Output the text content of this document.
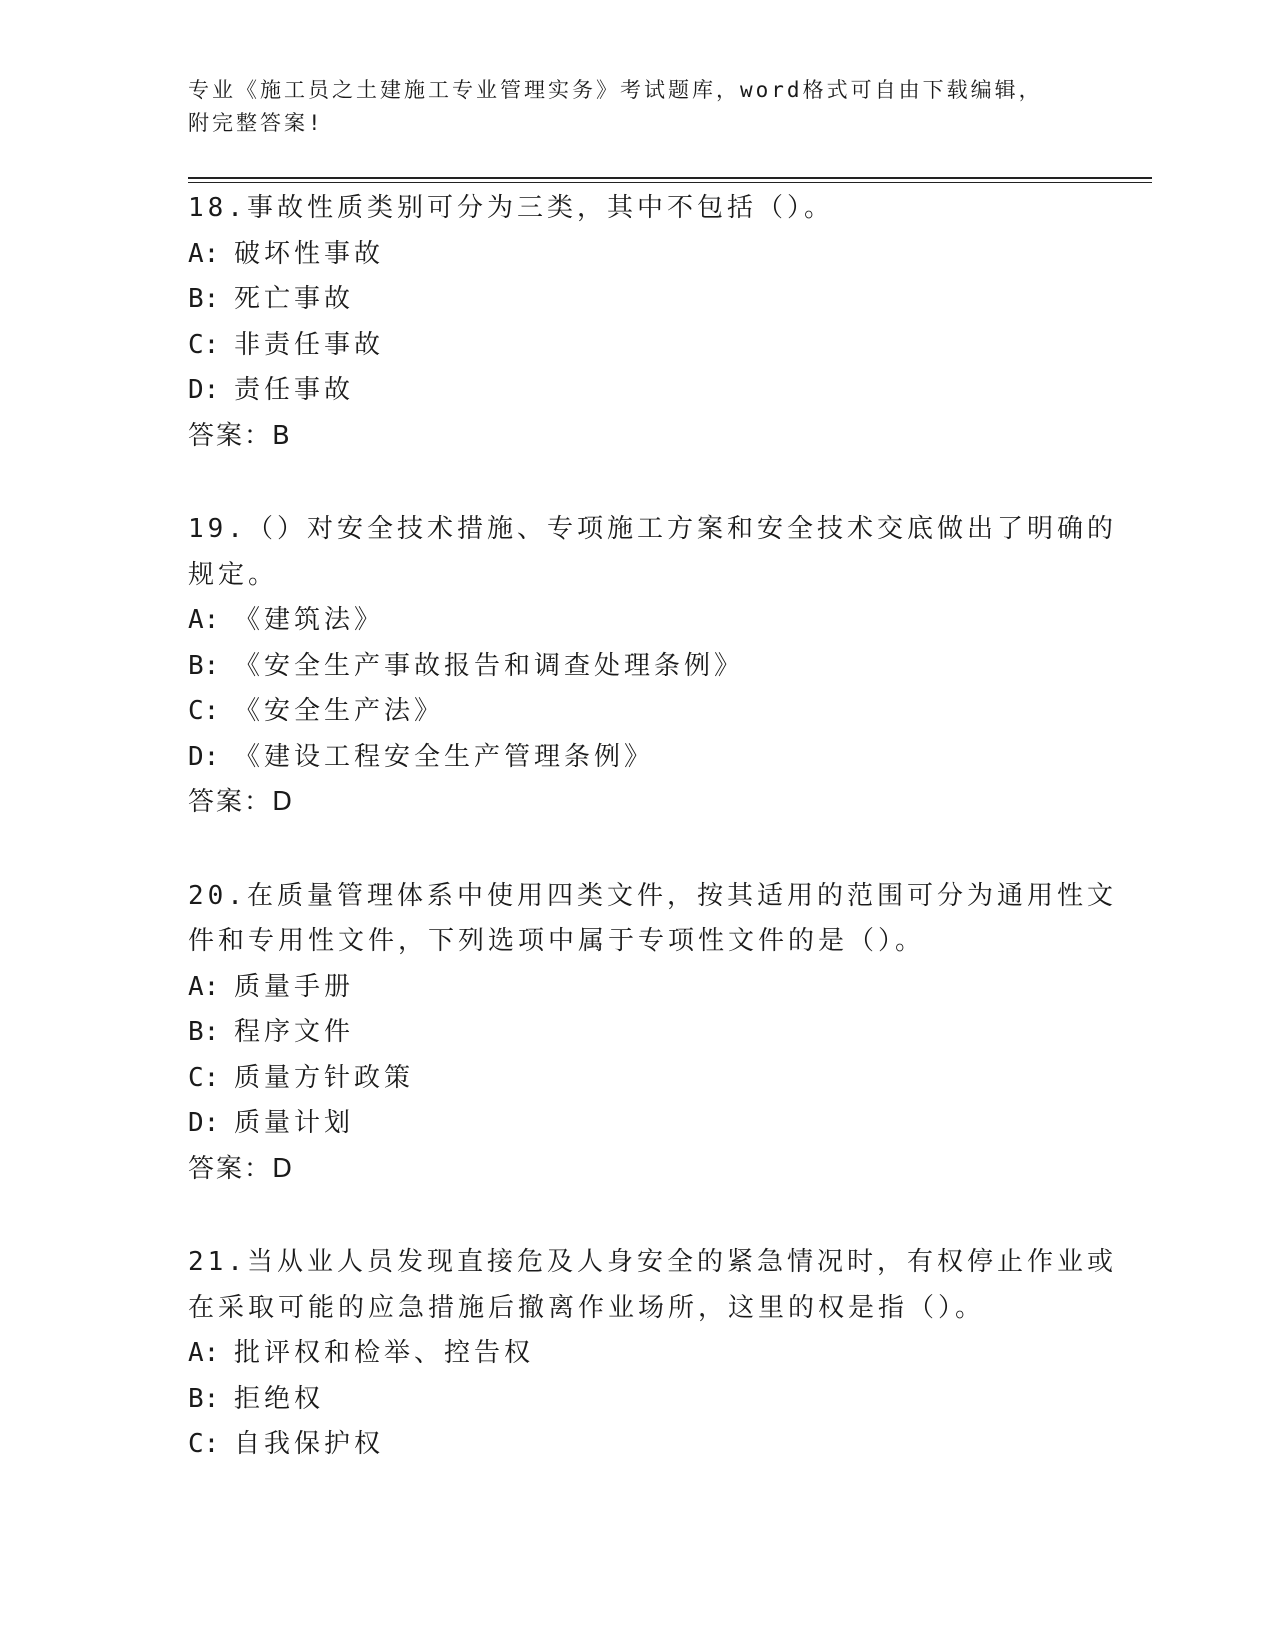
专业《施工员之土建施工专业管理实务》考试题库，word格式可自由下载编辑，
附完整答案!
18.事故性质类别可分为三类，其中不包括（）。
A: 破坏性事故
B: 死亡事故
C: 非责任事故
D: 责任事故
答案：B
19.（）对安全技术措施、专项施工方案和安全技术交底做出了明确的
规定。
A: 《建筑法》
B: 《安全生产事故报告和调查处理条例》
C: 《安全生产法》
D: 《建设工程安全生产管理条例》
答案：D
20.在质量管理体系中使用四类文件，按其适用的范围可分为通用性文
件和专用性文件，下列选项中属于专项性文件的是（）。
A: 质量手册
B: 程序文件
C: 质量方针政策
D: 质量计划
答案：D
21.当从业人员发现直接危及人身安全的紧急情况时，有权停止作业或
在采取可能的应急措施后撤离作业场所，这里的权是指（）。
A: 批评权和检举、控告权
B: 拒绝权
C: 自我保护权
